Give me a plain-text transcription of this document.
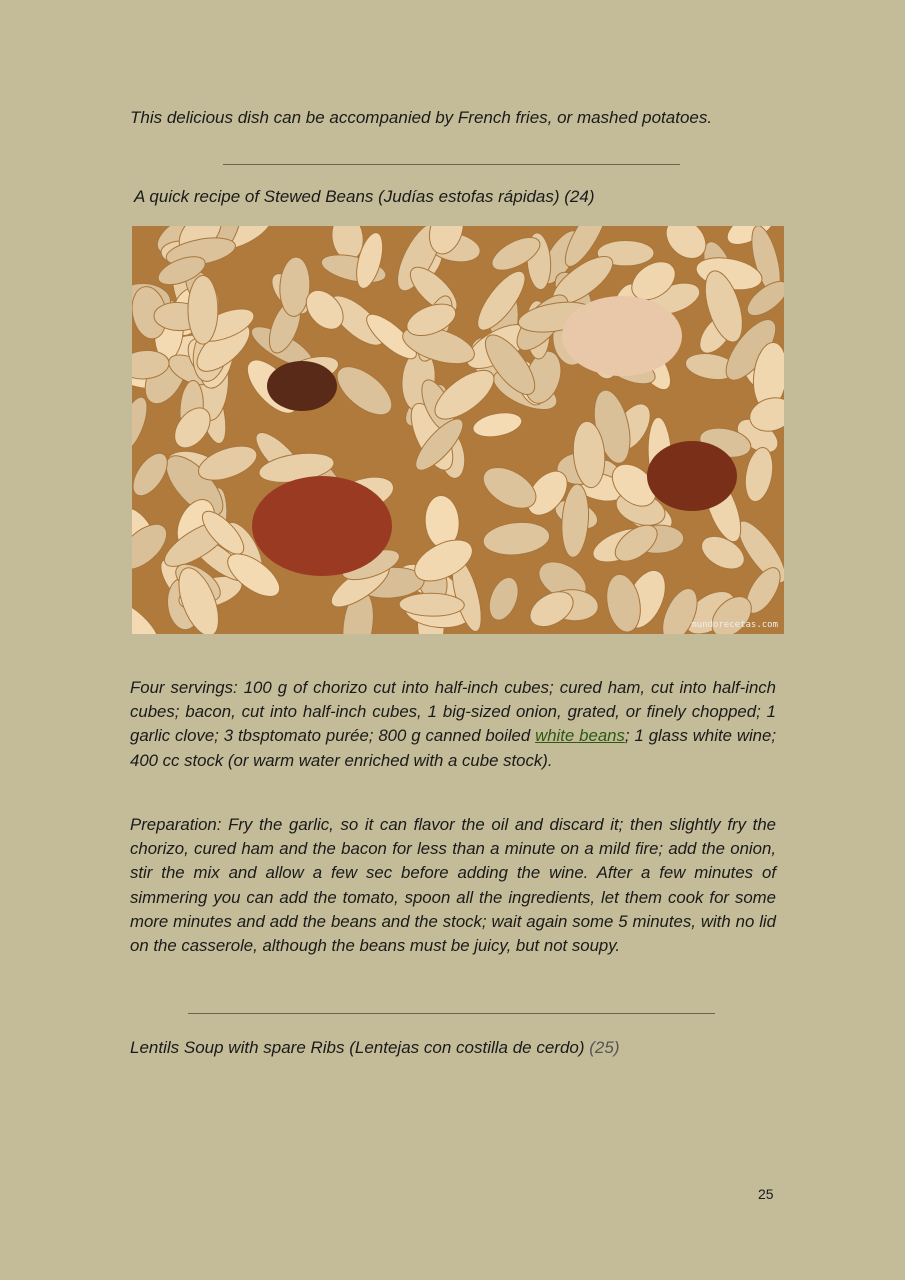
This delicious dish can be accompanied by French fries, or mashed potatoes.

A quick recipe of Stewed Beans (Judías estofas rápidas) (24)

mundorecetas.com

Four servings: 100 g of chorizo cut into half-inch cubes; cured ham, cut into half-inch cubes; bacon, cut into half-inch cubes, 1 big-sized onion, grated, or finely chopped; 1 garlic clove; 3 tbsptomato purée; 800 g canned boiled white beans; 1 glass white wine; 400 cc stock (or warm water enriched with a cube stock).

Preparation: Fry the garlic, so it can flavor the oil and discard it; then slightly fry the chorizo, cured ham and the bacon for less than a minute on a mild fire; add the onion, stir the mix and allow a few sec before adding the wine. After a few minutes of simmering you can add the tomato, spoon all the ingredients, let them cook for some more minutes and add the beans and the stock; wait again some 5 minutes, with no lid on the casserole, although the beans must be juicy, but not soupy.

Lentils Soup with spare Ribs (Lentejas con costilla de cerdo) (25)

25
